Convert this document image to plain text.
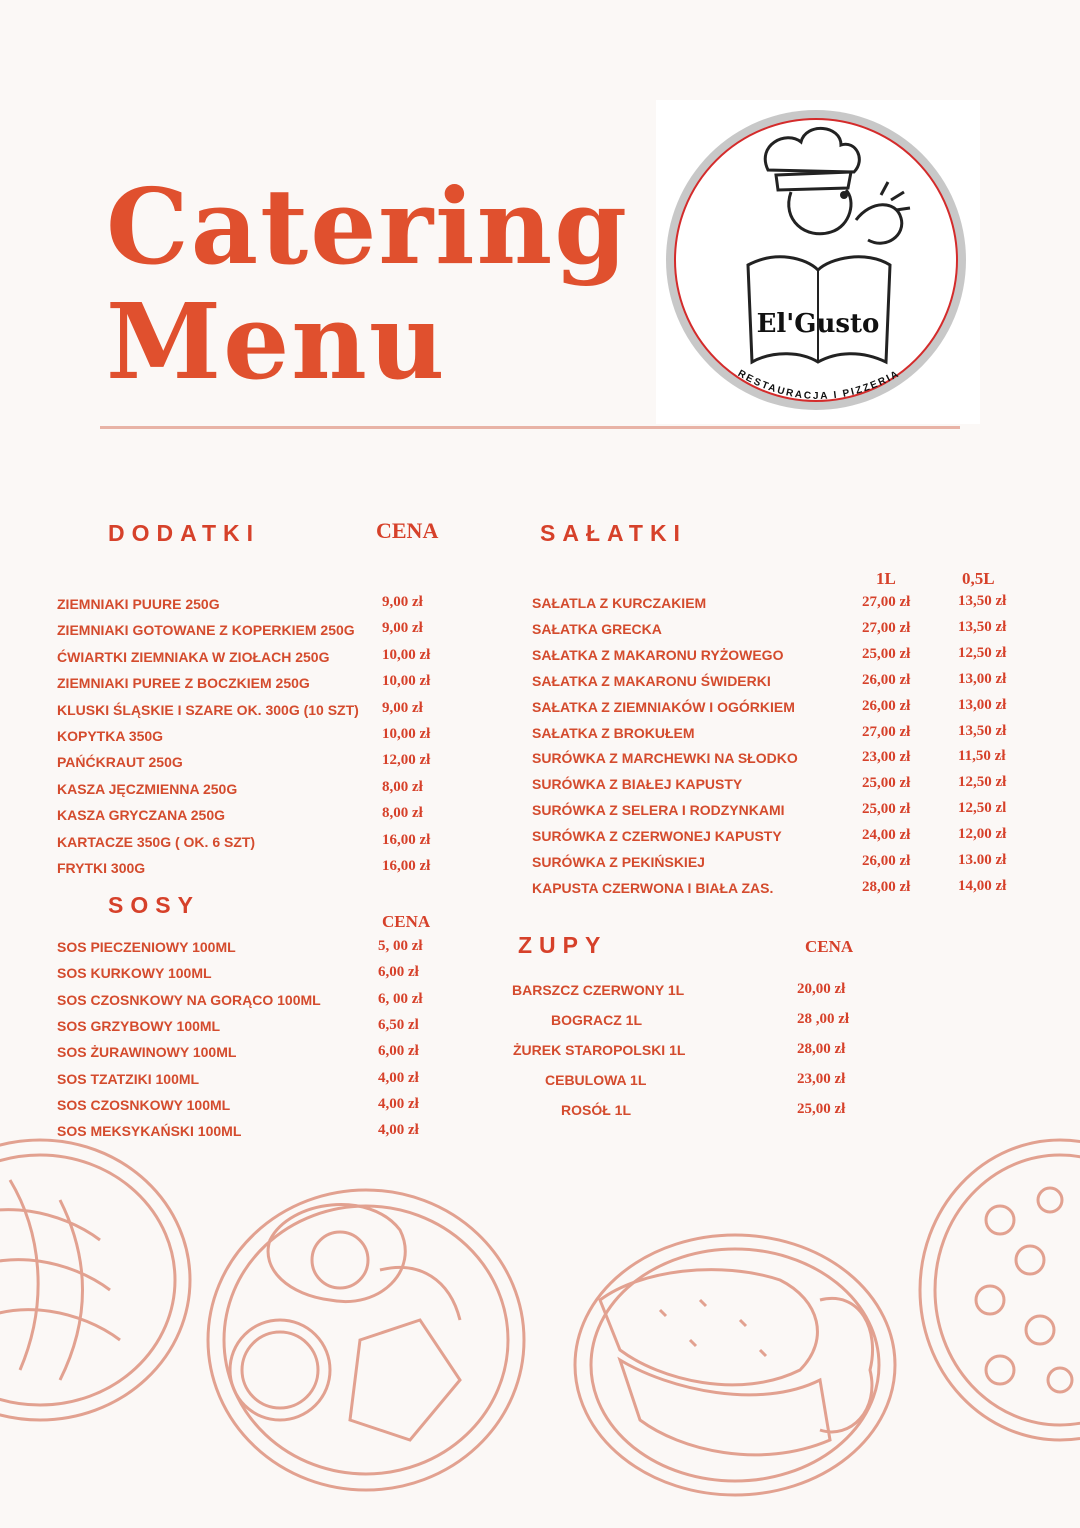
Catering
Menu	El'Gusto
RESTAURACJA I PIZZERIA
DODATKI	CENA
SOSY
CENA
SAŁATKI
1L	0,5L
ZUPY	CENA
ZIEMNIAKI PUURE 250G	9,00 zł
ZIEMNIAKI GOTOWANE Z KOPERKIEM 250G 9,00 zł
ĆWIARTKI ZIEMNIAKA W ZIOŁACH 250G	10,00 zł
ZIEMNIAKI PUREE Z BOCZKIEM 250G	10,00 zł
KLUSKI ŚLĄSKIE I SZARE OK. 300G (10 SZT) 9,00 zł
KOPYTKA 350G	10,00 zł
PAŃĆKRAUT 250G	12,00 zł
KASZA JĘCZMIENNA 250G	8,00 zł
KASZA GRYCZANA 250G	8,00 zł
KARTACZE 350G ( OK. 6 SZT)	16,00 zł
FRYTKI 300G	16,00 zł
SOS PIECZENIOWY 100ML	5, 00 zł
SOS KURKOWY 100ML	6,00 zł
SOS CZOSNKOWY NA GORĄCO 100ML	6, 00 zł
SOS GRZYBOWY 100ML	6,50 zl
SOS ŻURAWINOWY 100ML	6,00 zł
SOS TZATZIKI 100ML	4,00 zł
SOS CZOSNKOWY 100ML	4,00 zł
SOS MEKSYKAŃSKI 100ML	4,00 zł
SAŁATLA Z KURCZAKIEM	27,00 zł	13,50 zł
SAŁATKA GRECKA	27,00 zł	13,50 zł
SAŁATKA Z MAKARONU RYŻOWEGO	25,00 zł	12,50 zł
SAŁATKA Z MAKARONU ŚWIDERKI	26,00 zł	13,00 zł
SAŁATKA Z ZIEMNIAKÓW I OGÓRKIEM	26,00 zł	13,00 zł
SAŁATKA Z BROKUŁEM	27,00 zł	13,50 zł
SURÓWKA Z MARCHEWKI NA SŁODKO	23,00 zł	11,50 zł
SURÓWKA Z BIAŁEJ KAPUSTY	25,00 zł	12,50 zł
SURÓWKA Z SELERA I RODZYNKAMI	25,00 zł	12,50 zl
SURÓWKA Z CZERWONEJ KAPUSTY	24,00 zł	12,00 zł
SURÓWKA Z PEKIŃSKIEJ	26,00 zł	13.00 zł
KAPUSTA CZERWONA I BIAŁA ZAS.	28,00 zł	14,00 zł
BARSZCZ CZERWONY 1L	20,00 zł
BOGRACZ 1L	28 ,00 zł
ŻUREK STAROPOLSKI 1L	28,00 zł
CEBULOWA 1L	23,00 zł
ROSÓŁ 1L	25,00 zł
